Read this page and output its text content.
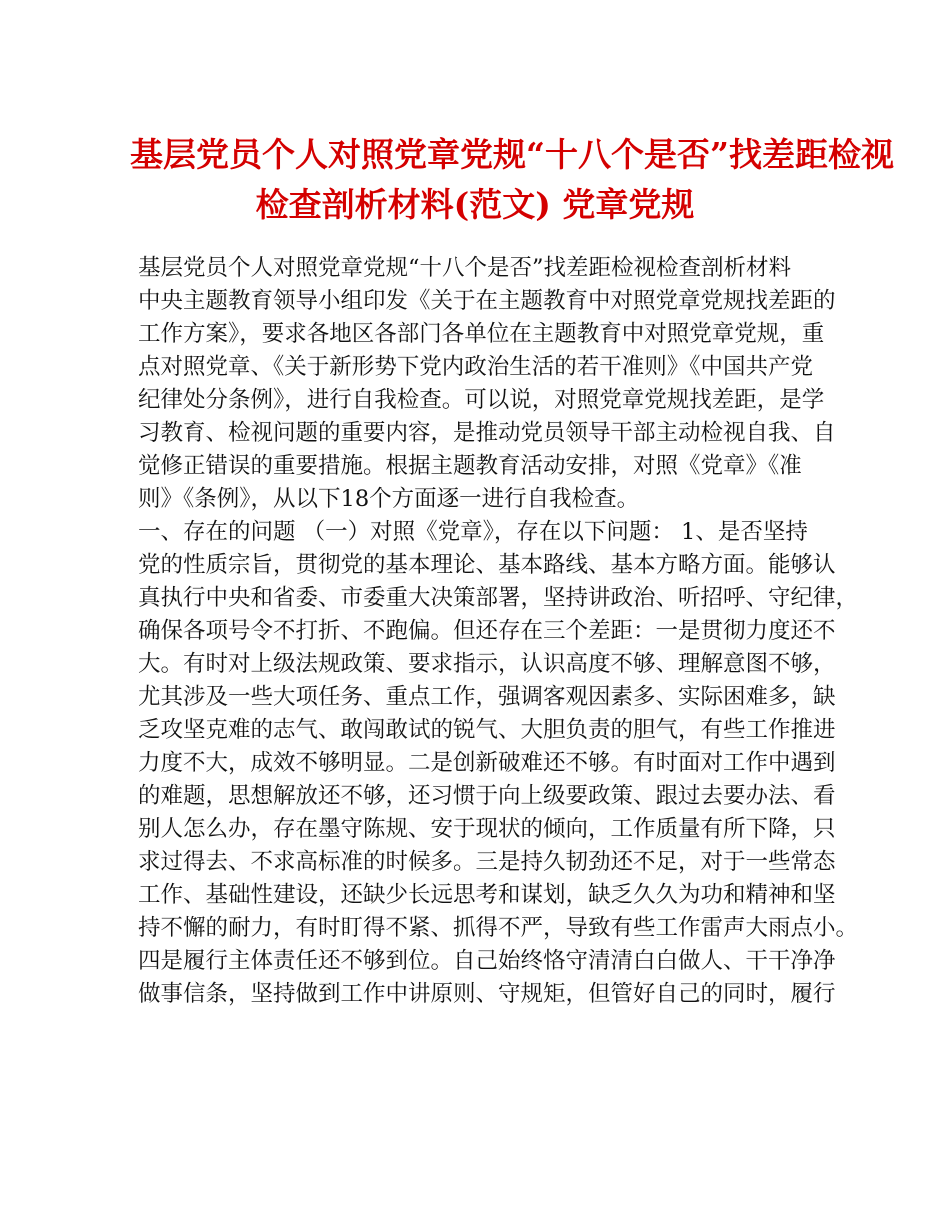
基层党员个人对照党章党规“十八个是否”找差距检视
检查剖析材料(范文) 党章党规
基层党员个人对照党章党规“十八个是否”找差距检视检查剖析材料
中央主题教育领导小组印发《关于在主题教育中对照党章党规找差距的
工作方案》，要求各地区各部门各单位在主题教育中对照党章党规，重
点对照党章、《关于新形势下党内政治生活的若干准则》《中国共产党
纪律处分条例》，进行自我检查。可以说，对照党章党规找差距，是学
习教育、检视问题的重要内容，是推动党员领导干部主动检视自我、自
觉修正错误的重要措施。根据主题教育活动安排，对照《党章》《准
则》《条例》，从以下18个方面逐一进行自我检查。
一、存在的问题 （一）对照《党章》，存在以下问题： 1、是否坚持
党的性质宗旨，贯彻党的基本理论、基本路线、基本方略方面。能够认
真执行中央和省委、市委重大决策部署，坚持讲政治、听招呼、守纪律，
确保各项号令不打折、不跑偏。但还存在三个差距：一是贯彻力度还不
大。有时对上级法规政策、要求指示，认识高度不够、理解意图不够，
尤其涉及一些大项任务、重点工作，强调客观因素多、实际困难多，缺
乏攻坚克难的志气、敢闯敢试的锐气、大胆负责的胆气，有些工作推进
力度不大，成效不够明显。二是创新破难还不够。有时面对工作中遇到
的难题，思想解放还不够，还习惯于向上级要政策、跟过去要办法、看
别人怎么办，存在墨守陈规、安于现状的倾向，工作质量有所下降，只
求过得去、不求高标准的时候多。三是持久韧劲还不足，对于一些常态
工作、基础性建设，还缺少长远思考和谋划，缺乏久久为功和精神和坚
持不懈的耐力，有时盯得不紧、抓得不严，导致有些工作雷声大雨点小。
四是履行主体责任还不够到位。自己始终恪守清清白白做人、干干净净
做事信条，坚持做到工作中讲原则、守规矩，但管好自己的同时，履行
